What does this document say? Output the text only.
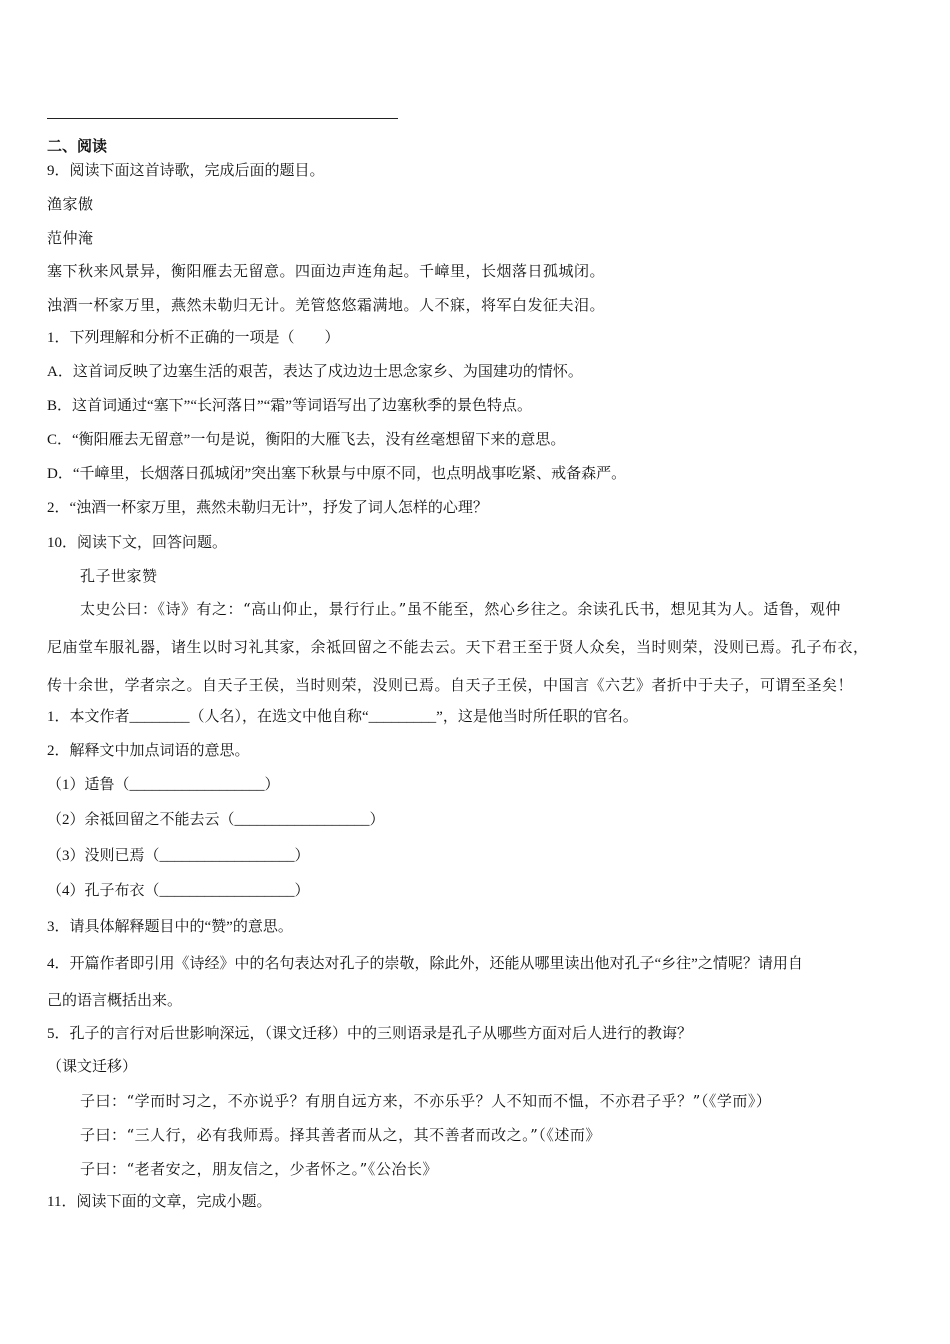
二、阅读
9．阅读下面这首诗歌，完成后面的题目。
渔家傲
范仲淹
塞下秋来风景异，衡阳雁去无留意。四面边声连角起。千嶂里，长烟落日孤城闭。
浊酒一杯家万里，燕然未勒归无计。羌管悠悠霜满地。人不寐，将军白发征夫泪。
1．下列理解和分析不正确的一项是（　　）
A．这首词反映了边塞生活的艰苦，表达了戍边边士思念家乡、为国建功的情怀。
B．这首词通过“塞下”“长河落日”“霜”等词语写出了边塞秋季的景色特点。
C．“衡阳雁去无留意”一句是说，衡阳的大雁飞去，没有丝毫想留下来的意思。
D．“千嶂里，长烟落日孤城闭”突出塞下秋景与中原不同，也点明战事吃紧、戒备森严。
2．“浊酒一杯家万里，燕然未勒归无计”，抒发了词人怎样的心理？
10．阅读下文，回答问题。
孔子世家赞
太史公曰：《诗》有之：“高山仰止，景行行止。”虽不能至，然心乡往之。余读孔氏书，想见其为人。适鲁，观仲
尼庙堂车服礼器，诸生以时习礼其家，余祗回留之不能去云。天下君王至于贤人众矣，当时则荣，没则已焉。孔子布衣，
传十余世，学者宗之。自天子王侯，当时则荣，没则已焉。自天子王侯，中国言《六艺》者折中于夫子，可谓至圣矣！
1．本文作者________（人名），在选文中他自称“_________”，这是他当时所任职的官名。
2．解释文中加点词语的意思。
（1）适鲁（__________________）
（2）余祗回留之不能去云（__________________）
（3）没则已焉（__________________）
（4）孔子布衣（__________________）
3．请具体解释题目中的“赞”的意思。
4．开篇作者即引用《诗经》中的名句表达对孔子的崇敬，除此外，还能从哪里读出他对孔子“乡往”之情呢？请用自
己的语言概括出来。
5．孔子的言行对后世影响深远，（课文迁移）中的三则语录是孔子从哪些方面对后人进行的教诲？
（课文迁移）
子曰：“学而时习之，不亦说乎？有朋自远方来，不亦乐乎？人不知而不愠，不亦君子乎？”（《学而》）
子曰：“三人行，必有我师焉。择其善者而从之，其不善者而改之。”（《述而》
子曰：“老者安之，朋友信之，少者怀之。”《公冶长》
11．阅读下面的文章，完成小题。
